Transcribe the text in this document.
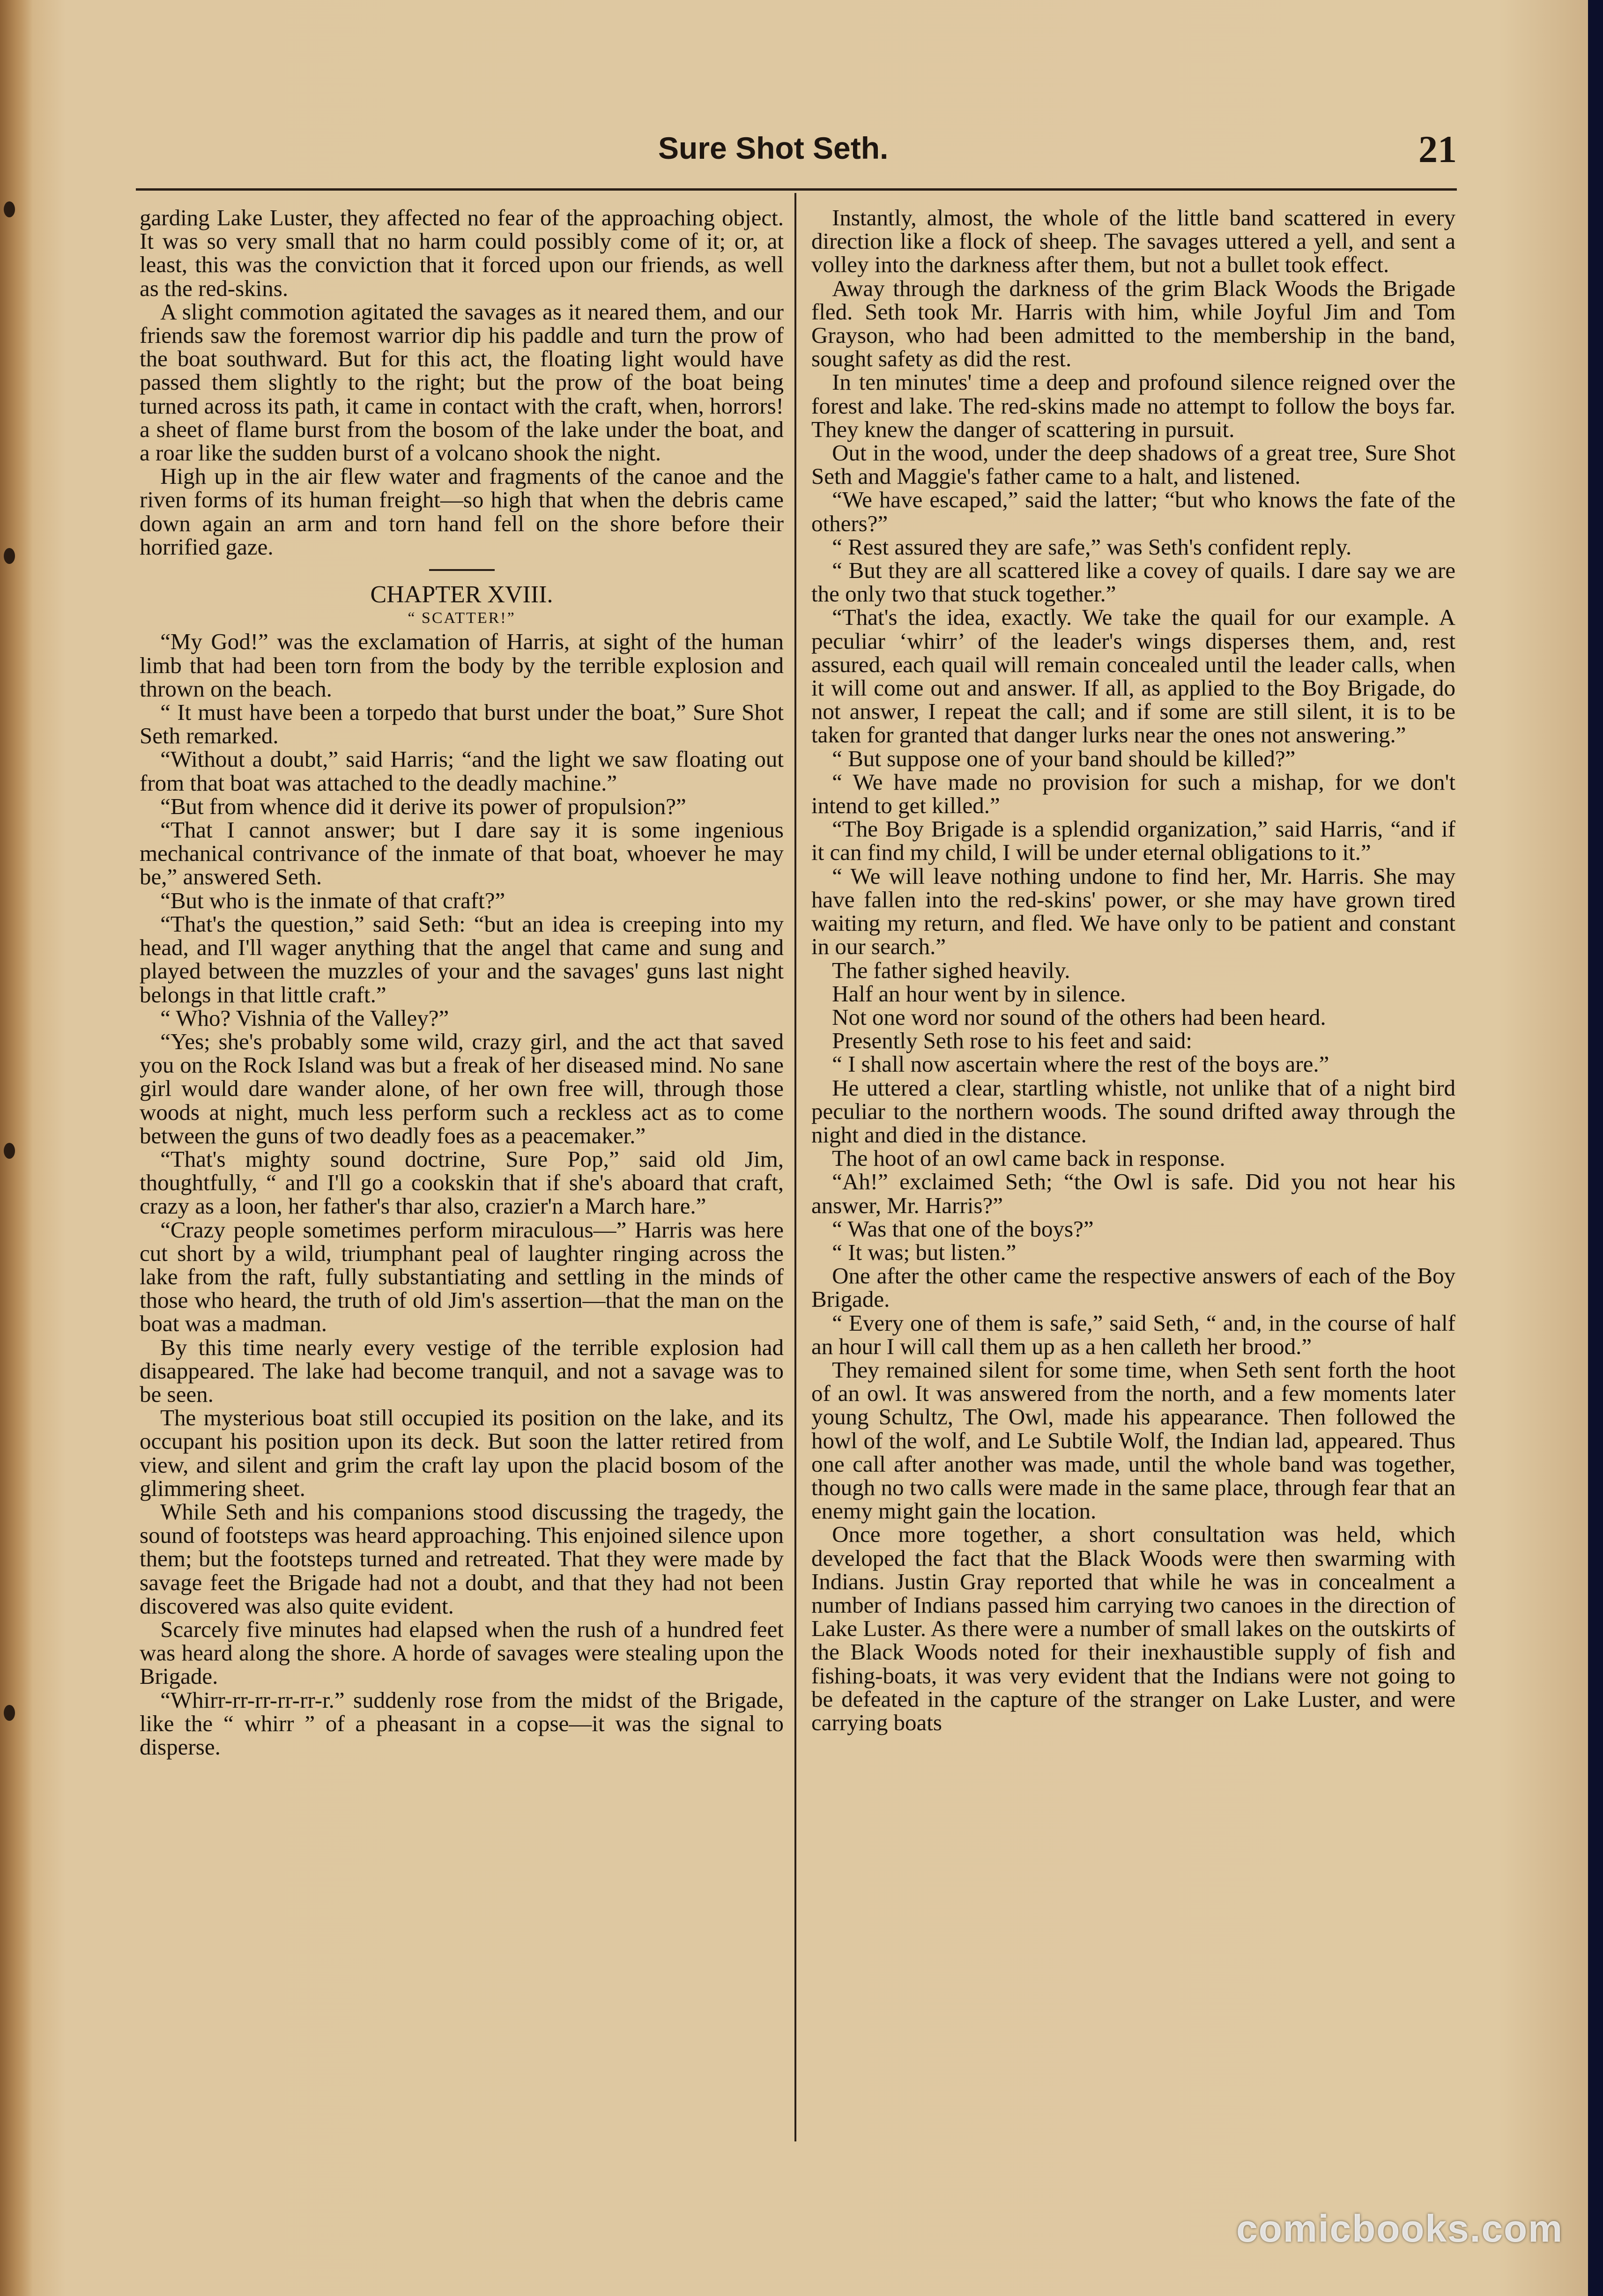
Sure Shot Seth.	21

garding Lake Luster, they affected no fear of the approaching object. It was so very small that no harm could possibly come of it; or, at least, this was the conviction that it forced upon our friends, as well as the red-skins.

A slight commotion agitated the savages as it neared them, and our friends saw the foremost warrior dip his paddle and turn the prow of the boat southward. But for this act, the floating light would have passed them slightly to the right; but the prow of the boat being turned across its path, it came in contact with the craft, when, horrors! a sheet of flame burst from the bosom of the lake under the boat, and a roar like the sudden burst of a volcano shook the night.

High up in the air flew water and fragments of the canoe and the riven forms of its human freight—so high that when the debris came down again an arm and torn hand fell on the shore before their horrified gaze.

CHAPTER XVIII.

“ SCATTER!”

“My God!” was the exclamation of Harris, at sight of the human limb that had been torn from the body by the terrible explosion and thrown on the beach.

“ It must have been a torpedo that burst under the boat,” Sure Shot Seth remarked.

“Without a doubt,” said Harris; “and the light we saw floating out from that boat was attached to the deadly machine.”

“But from whence did it derive its power of propulsion?”

“That I cannot answer; but I dare say it is some ingenious mechanical contrivance of the inmate of that boat, whoever he may be,” answered Seth.

“But who is the inmate of that craft?”

“That's the question,” said Seth: “but an idea is creeping into my head, and I'll wager anything that the angel that came and sung and played between the muzzles of your and the savages' guns last night belongs in that little craft.”

“ Who? Vishnia of the Valley?”

“Yes; she's probably some wild, crazy girl, and the act that saved you on the Rock Island was but a freak of her diseased mind. No sane girl would dare wander alone, of her own free will, through those woods at night, much less perform such a reckless act as to come between the guns of two deadly foes as a peacemaker.”

“That's mighty sound doctrine, Sure Pop,” said old Jim, thoughtfully, “ and I'll go a cookskin that if she's aboard that craft, crazy as a loon, her father's thar also, crazier'n a March hare.”

“Crazy people sometimes perform miraculous—” Harris was here cut short by a wild, triumphant peal of laughter ringing across the lake from the raft, fully substantiating and settling in the minds of those who heard, the truth of old Jim's assertion—that the man on the boat was a madman.

By this time nearly every vestige of the terrible explosion had disappeared. The lake had become tranquil, and not a savage was to be seen.

The mysterious boat still occupied its position on the lake, and its occupant his position upon its deck. But soon the latter retired from view, and silent and grim the craft lay upon the placid bosom of the glimmering sheet.

While Seth and his companions stood discussing the tragedy, the sound of footsteps was heard approaching. This enjoined silence upon them; but the footsteps turned and retreated. That they were made by savage feet the Brigade had not a doubt, and that they had not been discovered was also quite evident.

Scarcely five minutes had elapsed when the rush of a hundred feet was heard along the shore. A horde of savages were stealing upon the Brigade.

“Whirr-rr-rr-rr-rr-r.” suddenly rose from the midst of the Brigade, like the “ whirr ” of a pheasant in a copse—it was the signal to disperse.

Instantly, almost, the whole of the little band scattered in every direction like a flock of sheep. The savages uttered a yell, and sent a volley into the darkness after them, but not a bullet took effect.

Away through the darkness of the grim Black Woods the Brigade fled. Seth took Mr. Harris with him, while Joyful Jim and Tom Grayson, who had been admitted to the membership in the band, sought safety as did the rest.

In ten minutes' time a deep and profound silence reigned over the forest and lake. The red-skins made no attempt to follow the boys far. They knew the danger of scattering in pursuit.

Out in the wood, under the deep shadows of a great tree, Sure Shot Seth and Maggie's father came to a halt, and listened.

“We have escaped,” said the latter; “but who knows the fate of the others?”

“ Rest assured they are safe,” was Seth's confident reply.

“ But they are all scattered like a covey of quails. I dare say we are the only two that stuck together.”

“That's the idea, exactly. We take the quail for our example. A peculiar ‘whirr’ of the leader's wings disperses them, and, rest assured, each quail will remain concealed until the leader calls, when it will come out and answer. If all, as applied to the Boy Brigade, do not answer, I repeat the call; and if some are still silent, it is to be taken for granted that danger lurks near the ones not answering.”

“ But suppose one of your band should be killed?”

“ We have made no provision for such a mishap, for we don't intend to get killed.”

“The Boy Brigade is a splendid organization,” said Harris, “and if it can find my child, I will be under eternal obligations to it.”

“ We will leave nothing undone to find her, Mr. Harris. She may have fallen into the red-skins' power, or she may have grown tired waiting my return, and fled. We have only to be patient and constant in our search.”

The father sighed heavily.

Half an hour went by in silence.

Not one word nor sound of the others had been heard.

Presently Seth rose to his feet and said:

“ I shall now ascertain where the rest of the boys are.”

He uttered a clear, startling whistle, not unlike that of a night bird peculiar to the northern woods. The sound drifted away through the night and died in the distance.

The hoot of an owl came back in response.

“Ah!” exclaimed Seth; “the Owl is safe. Did you not hear his answer, Mr. Harris?”

“ Was that one of the boys?”

“ It was; but listen.”

One after the other came the respective answers of each of the Boy Brigade.

“ Every one of them is safe,” said Seth, “ and, in the course of half an hour I will call them up as a hen calleth her brood.”

They remained silent for some time, when Seth sent forth the hoot of an owl. It was answered from the north, and a few moments later young Schultz, The Owl, made his appearance. Then followed the howl of the wolf, and Le Subtile Wolf, the Indian lad, appeared. Thus one call after another was made, until the whole band was together, though no two calls were made in the same place, through fear that an enemy might gain the location.

Once more together, a short consultation was held, which developed the fact that the Black Woods were then swarming with Indians. Justin Gray reported that while he was in concealment a number of Indians passed him carrying two canoes in the direction of Lake Luster. As there were a number of small lakes on the outskirts of the Black Woods noted for their inexhaustible supply of fish and fishing-boats, it was very evident that the Indians were not going to be defeated in the capture of the stranger on Lake Luster, and were carrying boats

comicbooks.com
